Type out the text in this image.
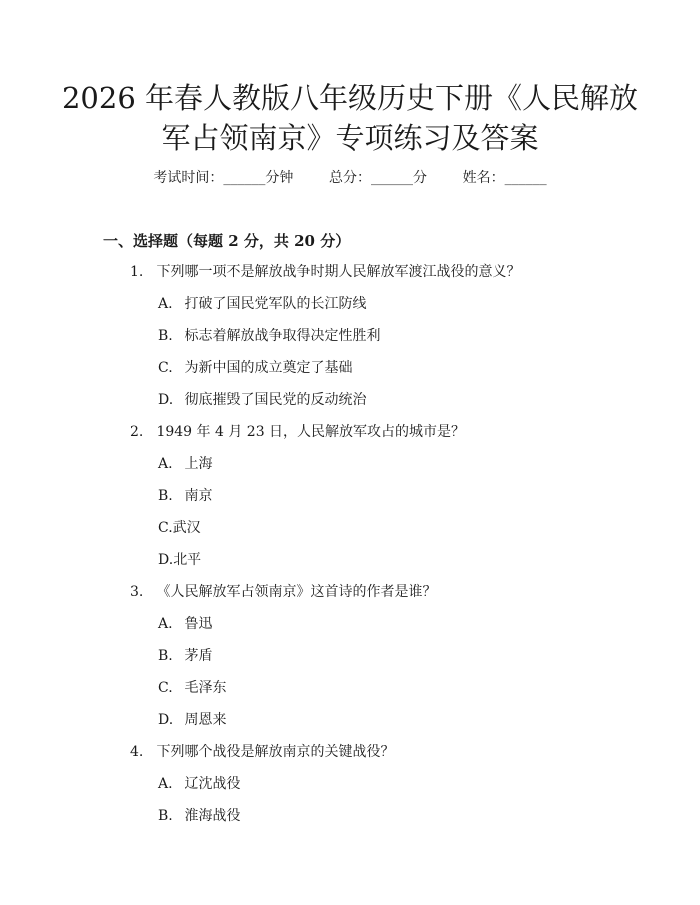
2026 年春人教版八年级历史下册《人民解放
军占领南京》专项练习及答案
考试时间：______分钟	总分：______分	姓名：______
一、选择题（每题 2 分，共 20 分）
1. 下列哪一项不是解放战争时期人民解放军渡江战役的意义？
A. 打破了国民党军队的长江防线
B. 标志着解放战争取得决定性胜利
C. 为新中国的成立奠定了基础
D. 彻底摧毁了国民党的反动统治
2. 1949 年 4 月 23 日，人民解放军攻占的城市是？
A. 上海
B. 南京
C.武汉
D.北平
3. 《人民解放军占领南京》这首诗的作者是谁？
A. 鲁迅
B. 茅盾
C. 毛泽东
D. 周恩来
4. 下列哪个战役是解放南京的关键战役？
A. 辽沈战役
B. 淮海战役
